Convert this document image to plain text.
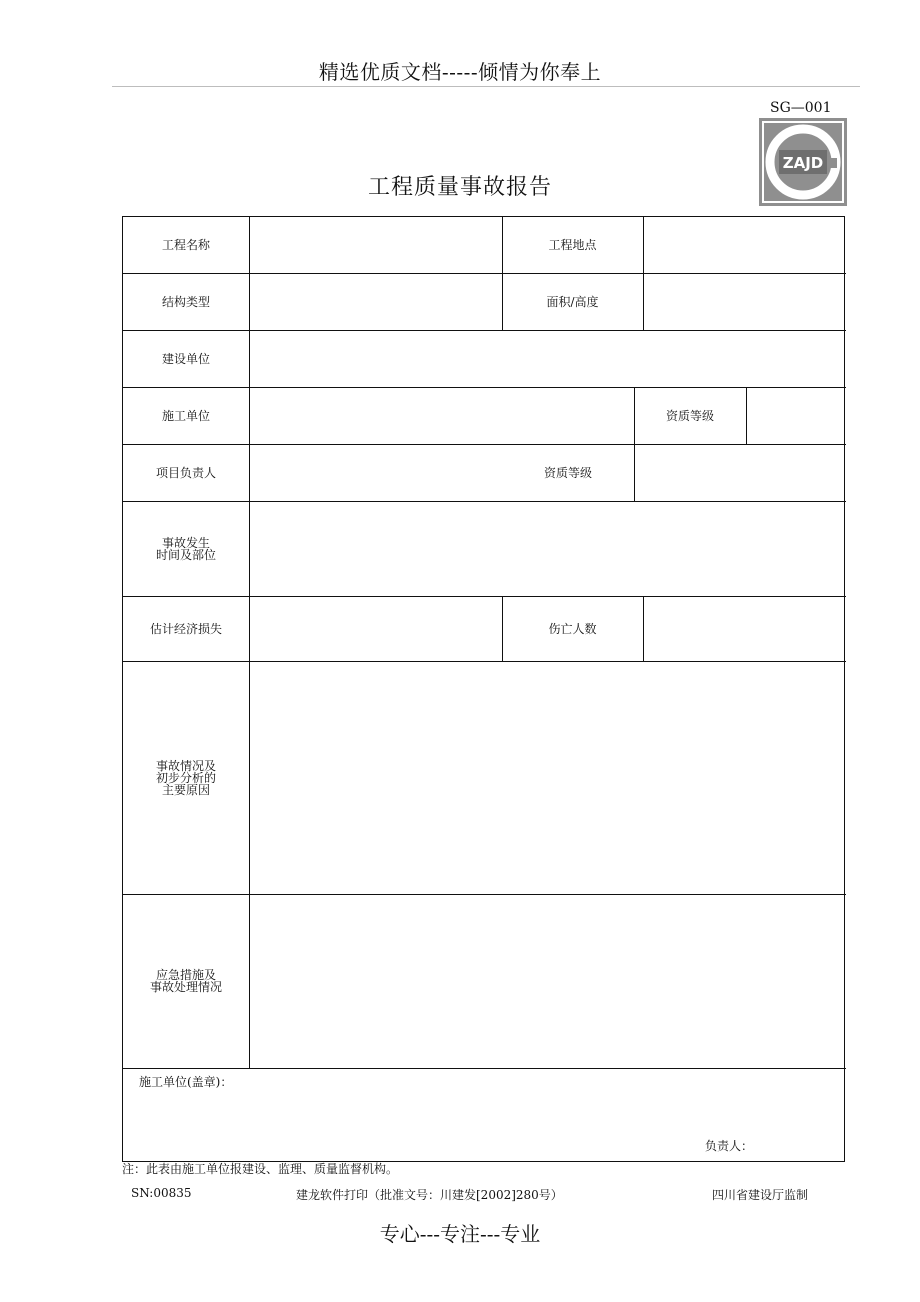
精选优质文档-----倾情为你奉上
SG—001
ZAJD
工程质量事故报告
工程名称	工程地点
结构类型	面积/高度
建设单位
施工单位	资质等级
项目负责人	资质等级
事故发生
时间及部位
估计经济损失	伤亡人数
事故情况及
初步分析的
主要原因
应急措施及
事故处理情况
施工单位(盖章)：
负责人：
注：此表由施工单位报建设、监理、质量监督机构。
SN:00835	建龙软件打印（批准文号：川建发[2002]280号）	四川省建设厅监制
专心---专注---专业
